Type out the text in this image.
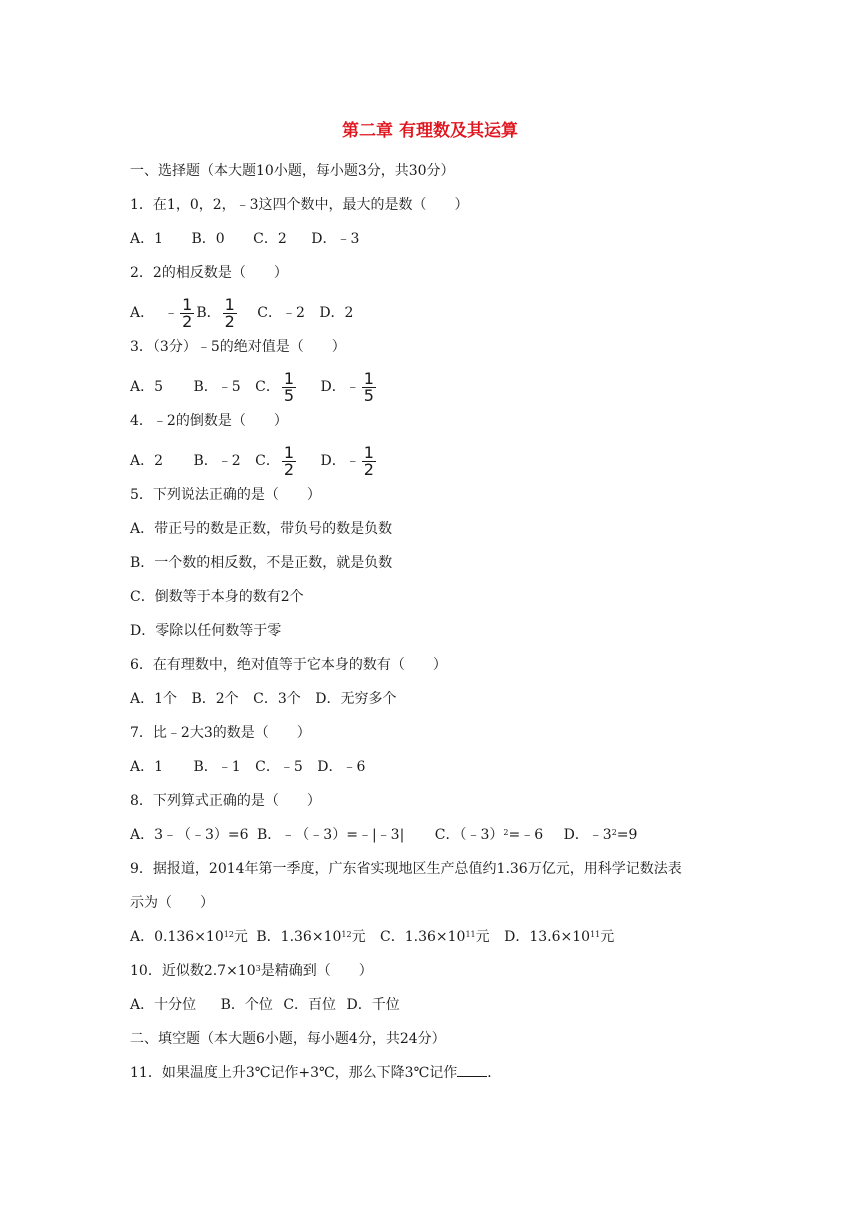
第二章 有理数及其运算
一、选择题（本大题10小题，每小题3分，共30分）
1．在1，0，2，﹣3这四个数中，最大的是数（　　）
A．1 B．0 C．2 D．﹣3
2．2的相反数是（　　）
A． ﹣ $\frac{1}{2}$ B． $\frac{1}{2}$ C．﹣2 D．2
3．（3分）﹣5的绝对值是（　　）
A．5 B．﹣5 C． $\frac{1}{5}$ D．﹣ $\frac{1}{5}$
4．﹣2的倒数是（　　）
A．2 B．﹣2 C． $\frac{1}{2}$ D．﹣ $\frac{1}{2}$
5．下列说法正确的是（　　）
A．带正号的数是正数，带负号的数是负数
B．一个数的相反数，不是正数，就是负数
C．倒数等于本身的数有2个
D．零除以任何数等于零
6．在有理数中，绝对值等于它本身的数有（　　）
A．1个 B．2个 C．3个 D．无穷多个
7．比﹣2大3的数是（　　）
A．1 B．﹣1 C．﹣5 D．﹣6
8．下列算式正确的是（　　）
A．3﹣（﹣3）=6 B．﹣（﹣3）=﹣|﹣3| C．（﹣3）$^2$=﹣6 D．$﹣3^2=9$
9．据报道，2014年第一季度，广东省实现地区生产总值约1.36万亿元，用科学记数法表
示为（　　）
A．$0.136\times 10^{12}$元 B．$1.36\times 10^{12}$元 C．$1.36\times 10^{11}$元 D．$13.6\times 10^{11}$元
10．近似数$2.7\times 10^3$是精确到（　　）
A．十分位 B．个位 C．百位 D．千位
二、填空题（本大题6小题，每小题4分，共24分）
11．如果温度上升3℃记作+3℃，那么下降3℃记作 ．
